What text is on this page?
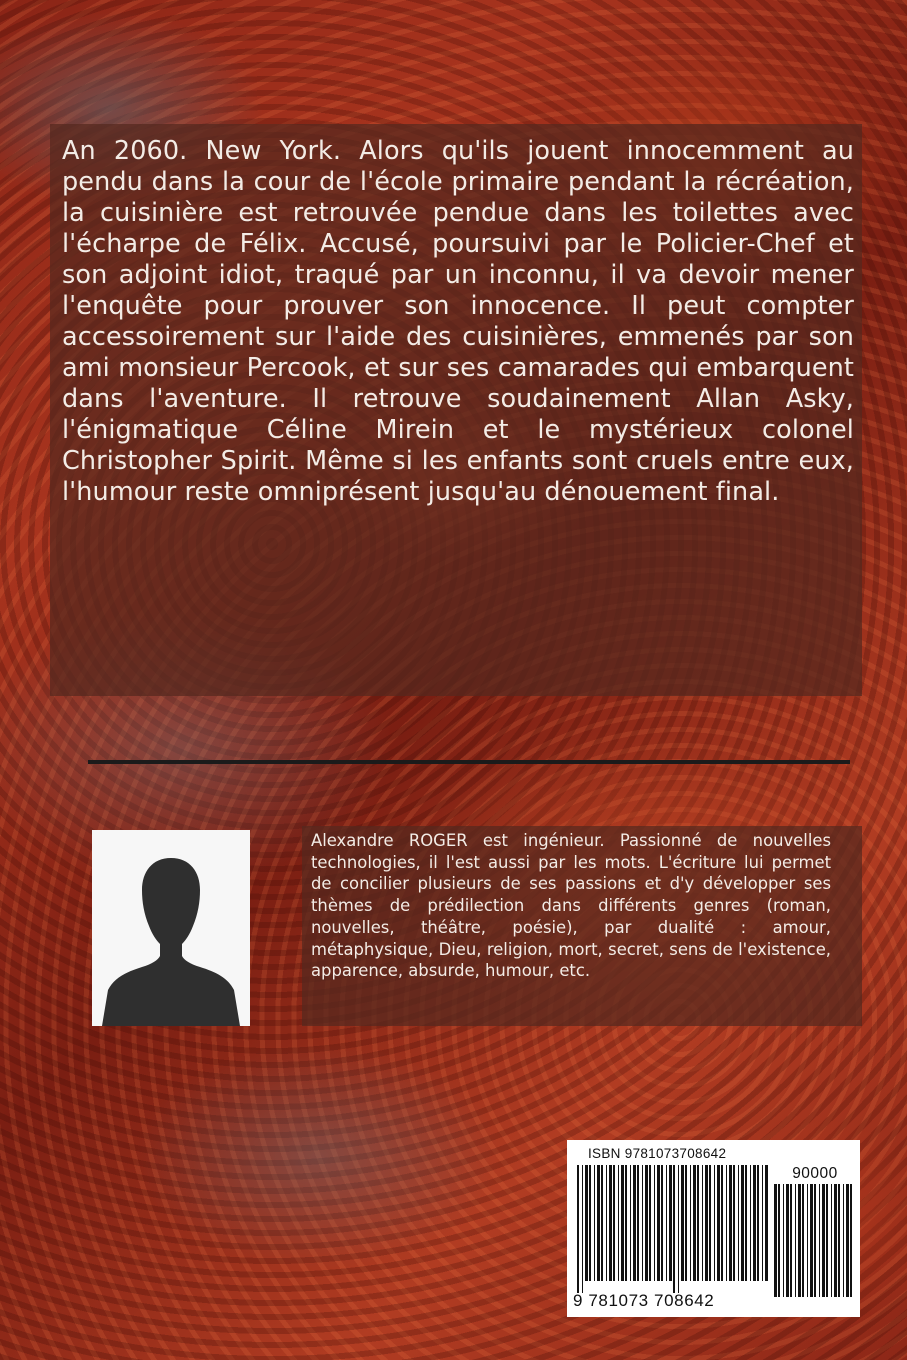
An 2060. New York. Alors qu'ils jouent innocemment au pendu dans la cour de l'école primaire pendant la récréation, la cuisinière est retrouvée pendue dans les toilettes avec l'écharpe de Félix. Accusé, poursuivi par le Policier-Chef et son adjoint idiot, traqué par un inconnu, il va devoir mener l'enquête pour prouver son innocence. Il peut compter accessoirement sur l'aide des cuisinières, emmenés par son ami monsieur Percook, et sur ses camarades qui embarquent dans l'aventure. Il retrouve soudainement Allan Asky, l'énigmatique Céline Mirein et le mystérieux colonel Christopher Spirit. Même si les enfants sont cruels entre eux, l'humour reste omniprésent jusqu'au dénouement final.

Alexandre ROGER est ingénieur. Passionné de nouvelles technologies, il l'est aussi par les mots. L'écriture lui permet de concilier plusieurs de ses passions et d'y développer ses thèmes de prédilection dans différents genres (roman, nouvelles, théâtre, poésie), par dualité : amour, métaphysique, Dieu, religion, mort, secret, sens de l'existence, apparence, absurde, humour, etc.

ISBN 9781073708642
90000
9 781073 708642
